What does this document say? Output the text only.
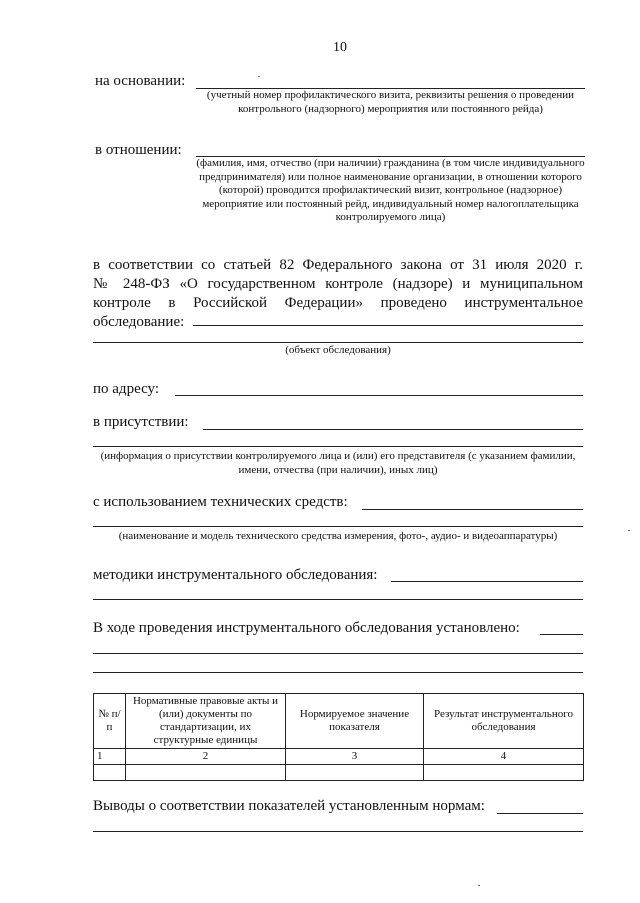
10
на основании:
(учетный номер профилактического визита, реквизиты решения о проведении контрольного (надзорного) мероприятия или постоянного рейда)
в отношении:
(фамилия, имя, отчество (при наличии) гражданина (в том числе индивидуального предпринимателя) или полное наименование организации, в отношении которого (которой) проводится профилактический визит, контрольное (надзорное) мероприятие или постоянный рейд, индивидуальный номер налогоплательщика контролируемого лица)
в соответствии со статьей 82 Федерального закона от 31 июля 2020 г.
№ 248-ФЗ «О государственном контроле (надзоре) и муниципальном
контроле в Российской Федерации» проведено инструментальное
обследование:
(объект обследования)
по адресу:
в присутствии:
(информация о присутствии контролируемого лица и (или) его представителя (с указанием фамилии, имени, отчества (при наличии), иных лиц)
с использованием технических средств:
(наименование и модель технического средства измерения, фото-, аудио- и видеоаппаратуры)
методики инструментального обследования:
В ходе проведения инструментального обследования установлено:
№ п/п	Нормативные правовые акты и (или) документы по стандартизации, их структурные единицы	Нормируемое значение показателя	Результат инструментального обследования
1	2	3	4

Выводы о соответствии показателей установленным нормам:
